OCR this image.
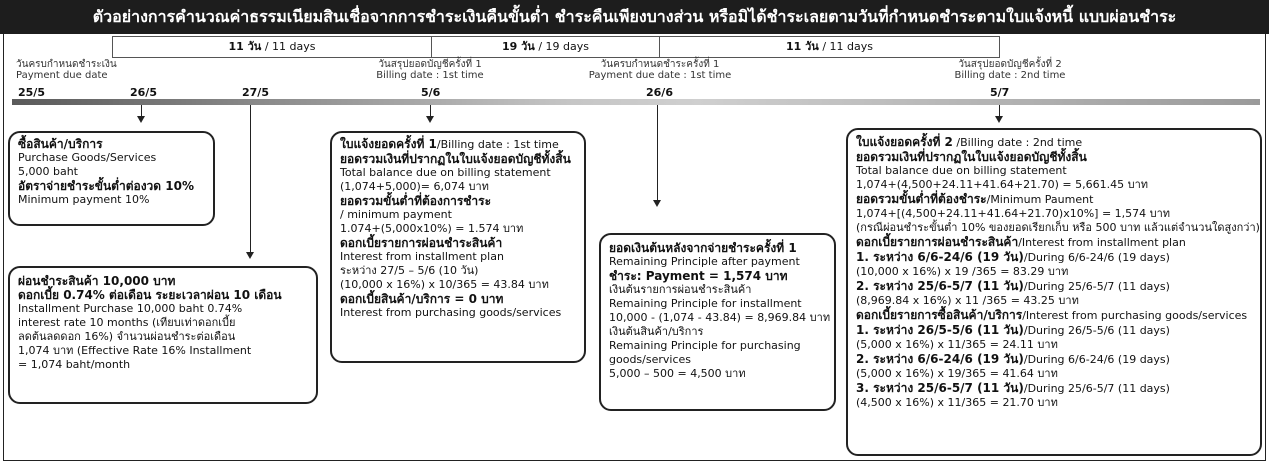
ตัวอย่างการคำนวณค่าธรรมเนียมสินเชื่อจากการชำระเงินคืนขั้นต่ำ ชำระคืนเพียงบางส่วน หรือมิได้ชำระเลยตามวันที่กำหนดชำระตามใบแจ้งหนี้ แบบผ่อนชำระ
11 วัน / 11 days	19 วัน / 19 days	11 วัน / 11 days
วันครบกำหนดชำระเงิน
Payment due date
วันสรุปยอดบัญชีครั้งที่ 1
Billing date : 1st time
วันครบกำหนดชำระครั้งที่ 1
Payment due date : 1st time
วันสรุปยอดบัญชีครั้งที่ 2
Billing date : 2nd time
25/5	26/5	27/5	5/6	26/6	5/7
ซื้อสินค้า/บริการ
Purchase Goods/Services
5,000 baht
อัตราจ่ายชำระขั้นต่ำต่องวด 10%
Minimum payment 10%
ผ่อนชำระสินค้า 10,000 บาท
ดอกเบี้ย 0.74% ต่อเดือน ระยะเวลาผ่อน 10 เดือน
Installment Purchase 10,000 baht 0.74%
interest rate 10 months (เทียบเท่าดอกเบี้ย
ลดต้นลดดอก 16%) จำนวนผ่อนชำระต่อเดือน
1,074 บาท (Effective Rate 16% Installment
= 1,074 baht/month
ใบแจ้งยอดครั้งที่ 1/Billing date : 1st time
ยอดรวมเงินที่ปรากฏในใบแจ้งยอดบัญชีทั้งสิ้น
Total balance due on billing statement
(1,074+5,000)= 6,074 บาท
ยอดรวมขั้นต่ำที่ต้องการชำระ
/ minimum payment
1.074+(5,000x10%) = 1.574 บาท
ดอกเบี้ยรายการผ่อนชำระสินค้า
Interest from installment plan
ระหว่าง 27/5 – 5/6 (10 วัน)
(10,000 x 16%) x 10/365 = 43.84 บาท
ดอกเบี้ยสินค้า/บริการ = 0 บาท
Interest from purchasing goods/services
ยอดเงินต้นหลังจากจ่ายชำระครั้งที่ 1
Remaining Principle after payment
ชำระ: Payment = 1,574 บาท
เงินต้นรายการผ่อนชำระสินค้า
Remaining Principle for installment
10,000 - (1,074 - 43.84) = 8,969.84 บาท
เงินต้นสินค้า/บริการ
Remaining Principle for purchasing
goods/services
5,000 – 500 = 4,500 บาท
ใบแจ้งยอดครั้งที่ 2 /Billing date : 2nd time
ยอดรวมเงินที่ปรากฏในใบแจ้งยอดบัญชีทั้งสิ้น
Total balance due on billing statement
1,074+(4,500+24.11+41.64+21.70) = 5,661.45 บาท
ยอดรวมขั้นต่ำที่ต้องชำระ/Minimum Paument
1,074+[(4,500+24.11+41.64+21.70)x10%] = 1,574 บาท
(กรณีผ่อนชำระขั้นต่ำ 10% ของยอดเรียกเก็บ หรือ 500 บาท แล้วแต่จำนวนใดสูงกว่า)
ดอกเบี้ยรายการผ่อนชำระสินค้า/Interest from installment plan
1. ระหว่าง 6/6-24/6 (19 วัน)/During 6/6-24/6 (19 days)
(10,000 x 16%) x 19 /365 = 83.29 บาท
2. ระหว่าง 25/6-5/7 (11 วัน)/During 25/6-5/7 (11 days)
(8,969.84 x 16%) x 11 /365 = 43.25 บาท
ดอกเบี้ยรายการซื้อสินค้า/บริการ/Interest from purchasing goods/services
1. ระหว่าง 26/5-5/6 (11 วัน)/During 26/5-5/6 (11 days)
(5,000 x 16%) x 11/365 = 24.11 บาท
2. ระหว่าง 6/6-24/6 (19 วัน)/During 6/6-24/6 (19 days)
(5,000 x 16%) x 19/365 = 41.64 บาท
3. ระหว่าง 25/6-5/7 (11 วัน)/During 25/6-5/7 (11 days)
(4,500 x 16%) x 11/365 = 21.70 บาท
